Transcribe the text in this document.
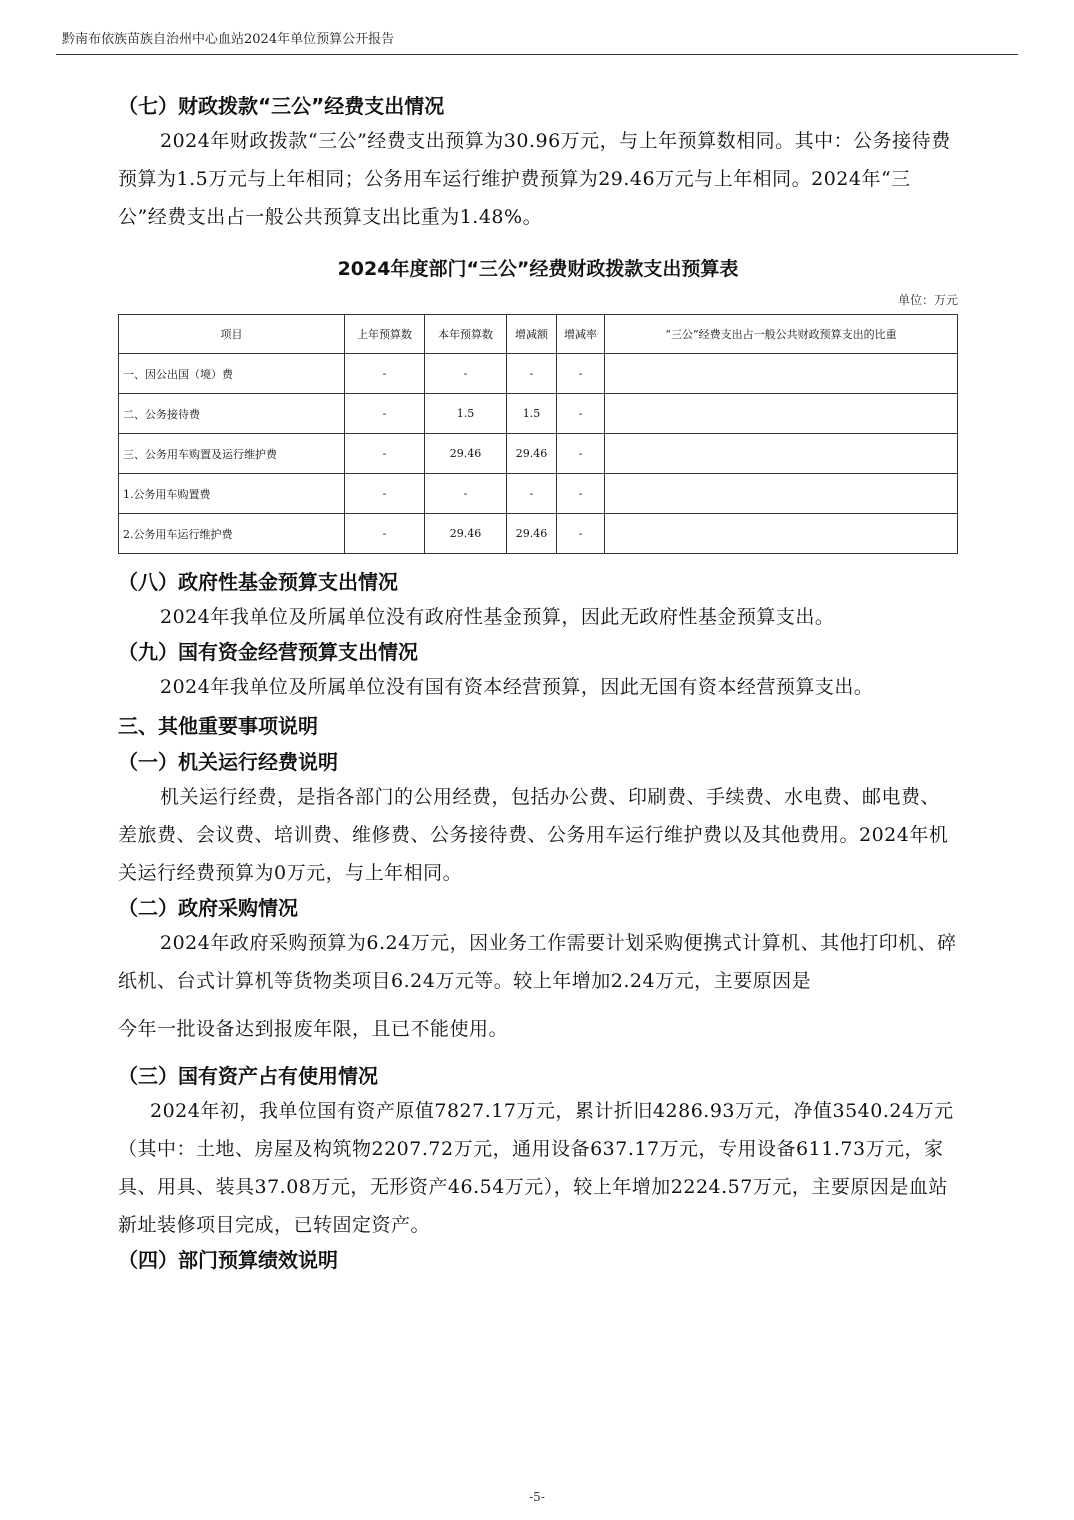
黔南布依族苗族自治州中心血站2024年单位预算公开报告

（七）财政拨款“三公”经费支出情况

2024年财政拨款“三公”经费支出预算为30.96万元，与上年预算数相同。其中：公务接待费预算为1.5万元与上年相同；公务用车运行维护费预算为29.46万元与上年相同。2024年“三公”经费支出占一般公共预算支出比重为1.48%。

2024年度部门“三公”经费财政拨款支出预算表
单位：万元
项目	上年预算数	本年预算数	增减额	增减率	“三公”经费支出占一般公共财政预算支出的比重
一、因公出国（境）费	-	-	-	-	
二、公务接待费	-	1.5	1.5	-	
三、公务用车购置及运行维护费	-	29.46	29.46	-	
1.公务用车购置费	-	-	-	-	
2.公务用车运行维护费	-	29.46	29.46	-	

（八）政府性基金预算支出情况

2024年我单位及所属单位没有政府性基金预算，因此无政府性基金预算支出。

（九）国有资金经营预算支出情况

2024年我单位及所属单位没有国有资本经营预算，因此无国有资本经营预算支出。

三、其他重要事项说明

（一）机关运行经费说明

机关运行经费，是指各部门的公用经费，包括办公费、印刷费、手续费、水电费、邮电费、差旅费、会议费、培训费、维修费、公务接待费、公务用车运行维护费以及其他费用。2024年机关运行经费预算为0万元，与上年相同。

（二）政府采购情况

2024年政府采购预算为6.24万元，因业务工作需要计划采购便携式计算机、其他打印机、碎纸机、台式计算机等货物类项目6.24万元等。较上年增加2.24万元，主要原因是

今年一批设备达到报废年限，且已不能使用。

（三）国有资产占有使用情况

2024年初，我单位国有资产原值7827.17万元，累计折旧4286.93万元，净值3540.24万元（其中：土地、房屋及构筑物2207.72万元，通用设备637.17万元，专用设备611.73万元，家具、用具、装具37.08万元，无形资产46.54万元），较上年增加2224.57万元，主要原因是血站新址装修项目完成，已转固定资产。

（四）部门预算绩效说明

-5-
